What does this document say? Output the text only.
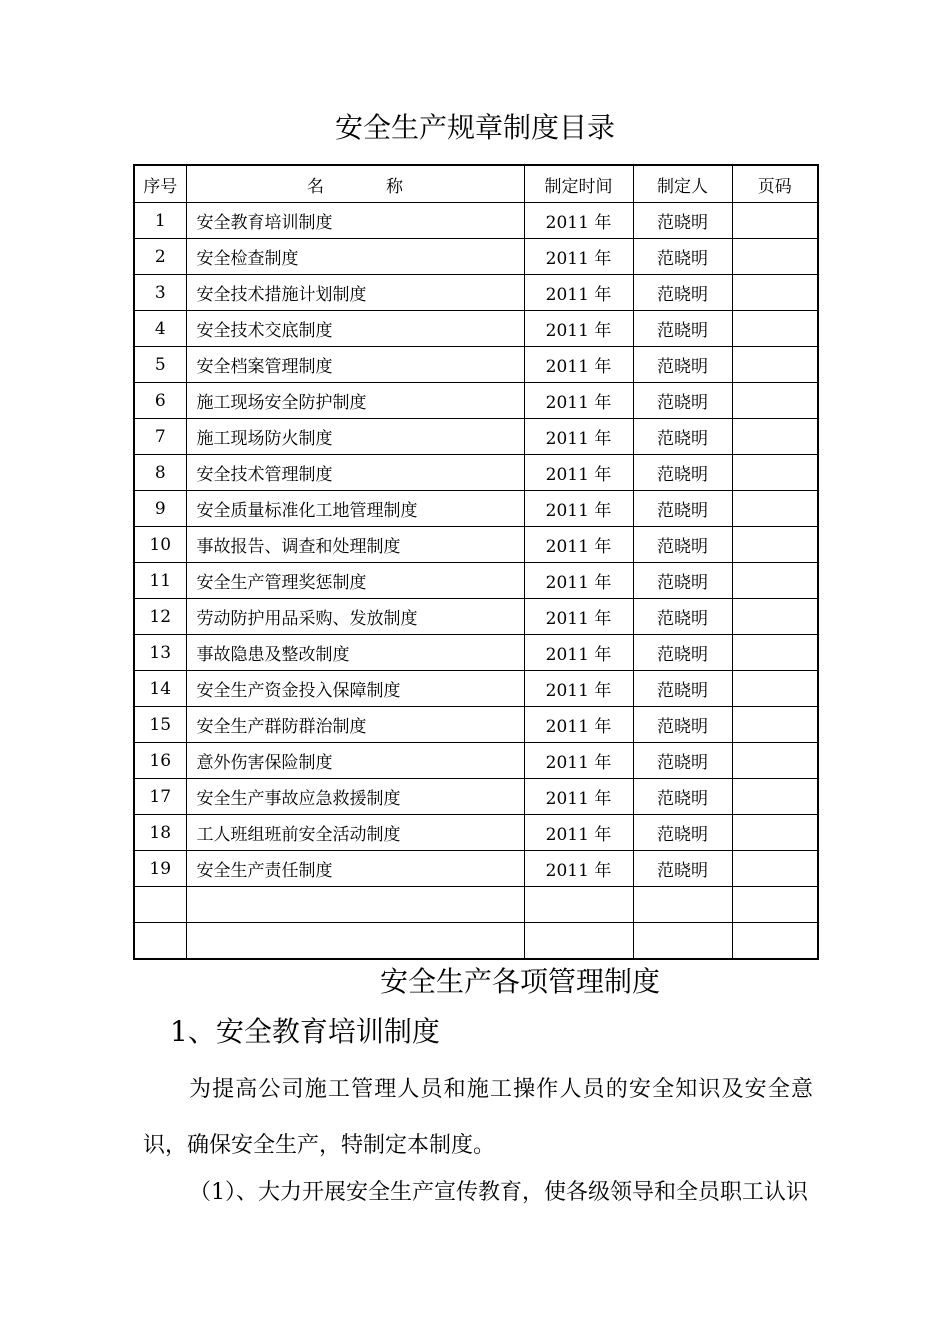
安全生产规章制度目录
序号	名 称	制定时间	制定人	页码
1	安全教育培训制度	2011 年	范晓明	
2	安全检查制度	2011 年	范晓明	
3	安全技术措施计划制度	2011 年	范晓明	
4	安全技术交底制度	2011 年	范晓明	
5	安全档案管理制度	2011 年	范晓明	
6	施工现场安全防护制度	2011 年	范晓明	
7	施工现场防火制度	2011 年	范晓明	
8	安全技术管理制度	2011 年	范晓明	
9	安全质量标准化工地管理制度	2011 年	范晓明	
10	事故报告、调查和处理制度	2011 年	范晓明	
11	安全生产管理奖惩制度	2011 年	范晓明	
12	劳动防护用品采购、发放制度	2011 年	范晓明	
13	事故隐患及整改制度	2011 年	范晓明	
14	安全生产资金投入保障制度	2011 年	范晓明	
15	安全生产群防群治制度	2011 年	范晓明	
16	意外伤害保险制度	2011 年	范晓明	
17	安全生产事故应急救援制度	2011 年	范晓明	
18	工人班组班前安全活动制度	2011 年	范晓明	
19	安全生产责任制度	2011 年	范晓明	

安全生产各项管理制度
1、安全教育培训制度
为提高公司施工管理人员和施工操作人员的安全知识及安全意识，确保安全生产，特制定本制度。
（1）、大力开展安全生产宣传教育，使各级领导和全员职工认识
